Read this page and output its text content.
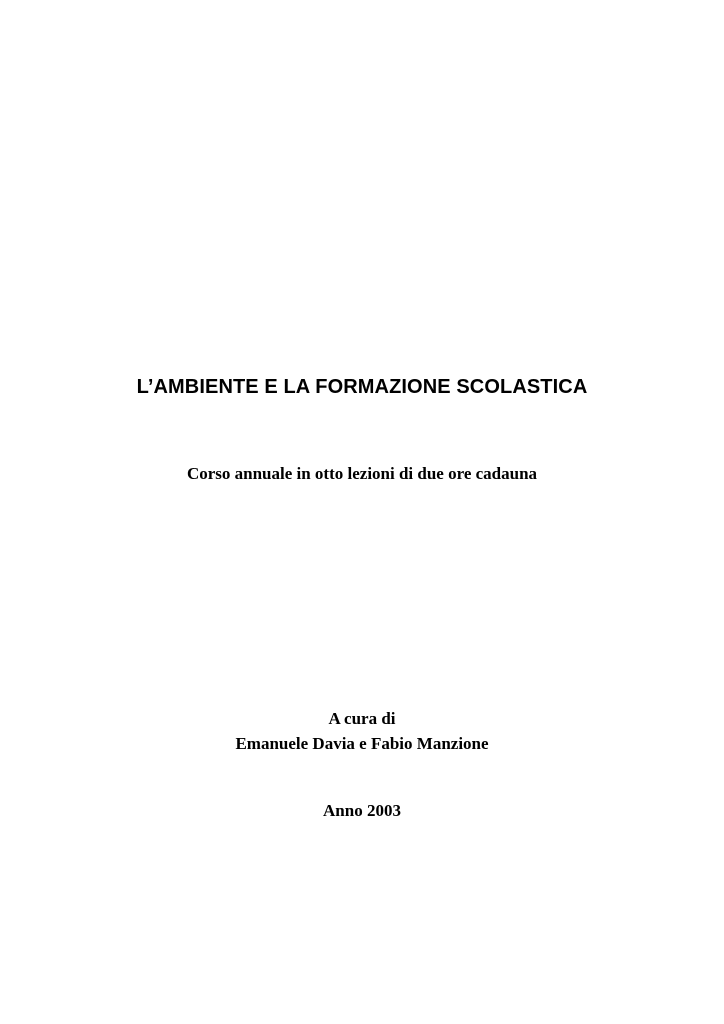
L’AMBIENTE E LA FORMAZIONE SCOLASTICA
Corso annuale in otto lezioni di due ore cadauna
A cura di
Emanuele Davia e Fabio Manzione
Anno 2003
